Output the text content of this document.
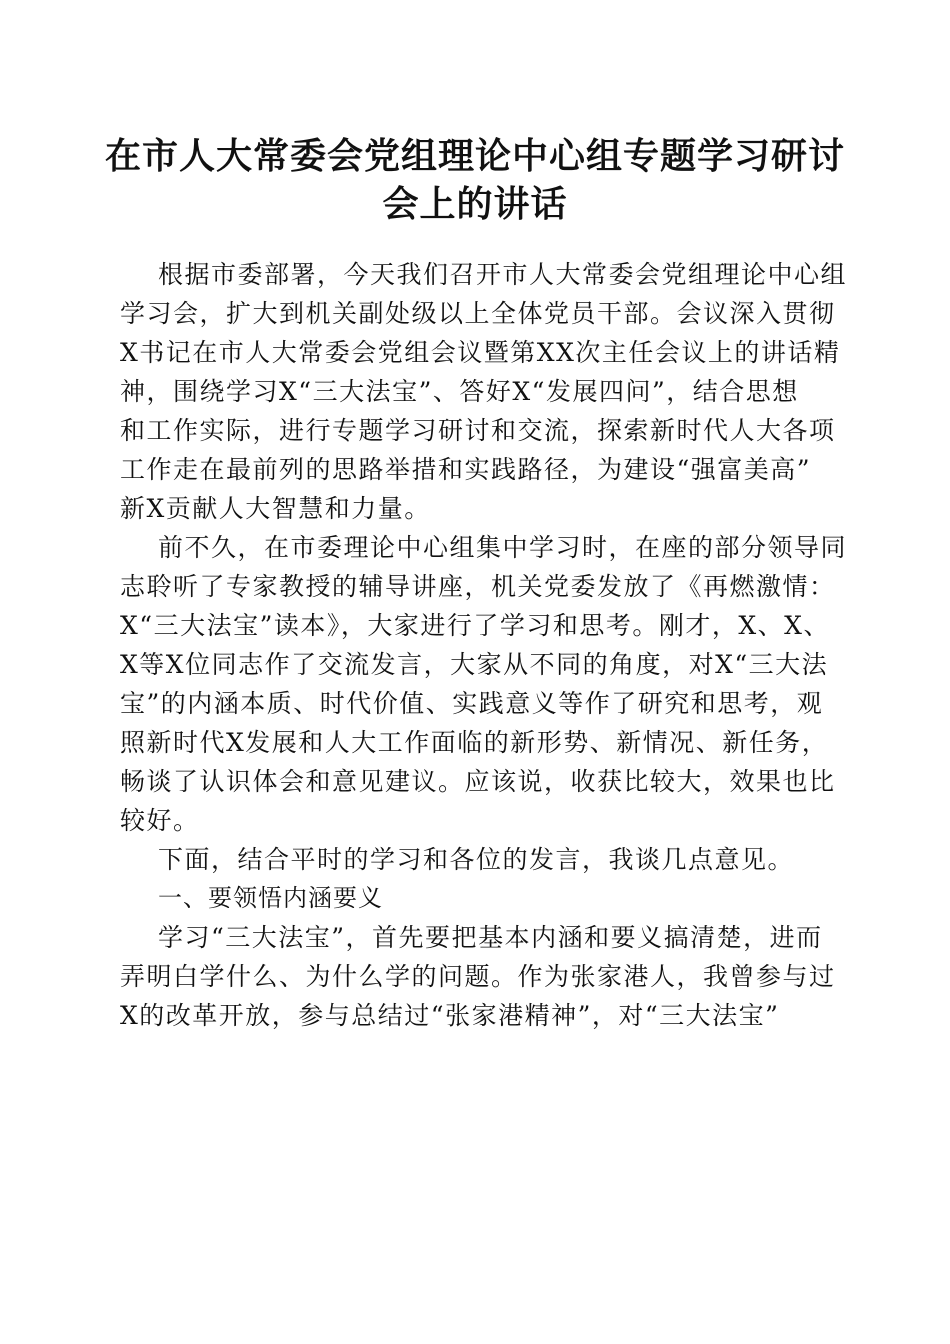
在市人大常委会党组理论中心组专题学习研讨
会上的讲话

根据市委部署，今天我们召开市人大常委会党组理论中心组
学习会，扩大到机关副处级以上全体党员干部。会议深入贯彻
X书记在市人大常委会党组会议暨第XX次主任会议上的讲话精
神，围绕学习X“三大法宝”、答好X“发展四问”，结合思想
和工作实际，进行专题学习研讨和交流，探索新时代人大各项
工作走在最前列的思路举措和实践路径，为建设“强富美高”
新X贡献人大智慧和力量。

前不久，在市委理论中心组集中学习时，在座的部分领导同
志聆听了专家教授的辅导讲座，机关党委发放了《再燃激情：
X“三大法宝”读本》，大家进行了学习和思考。刚才，X、X、
X等X位同志作了交流发言，大家从不同的角度，对X“三大法
宝”的内涵本质、时代价值、实践意义等作了研究和思考，观
照新时代X发展和人大工作面临的新形势、新情况、新任务，
畅谈了认识体会和意见建议。应该说，收获比较大，效果也比
较好。

下面，结合平时的学习和各位的发言，我谈几点意见。

一、要领悟内涵要义

学习“三大法宝”，首先要把基本内涵和要义搞清楚，进而
弄明白学什么、为什么学的问题。作为张家港人，我曾参与过
X的改革开放，参与总结过“张家港精神”，对“三大法宝”
